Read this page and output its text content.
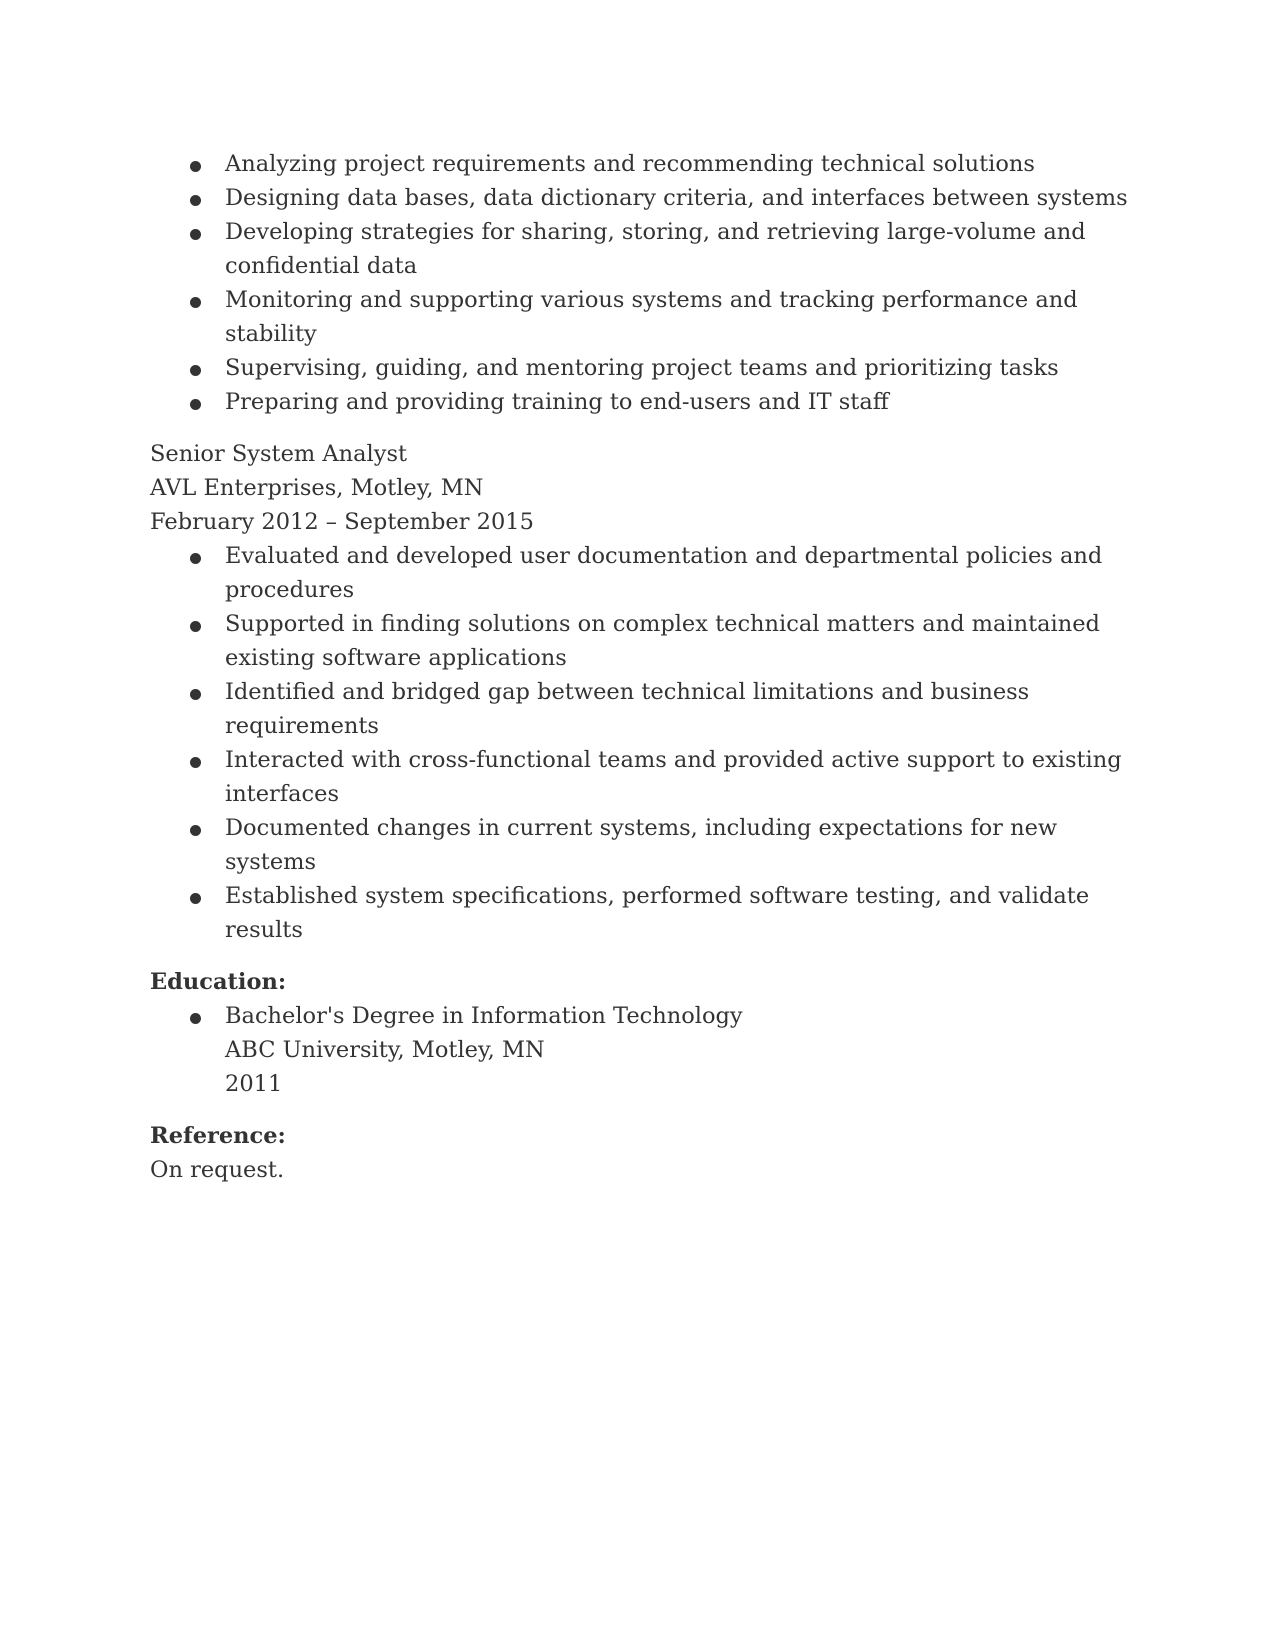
Analyzing project requirements and recommending technical solutions
Designing data bases, data dictionary criteria, and interfaces between systems
Developing strategies for sharing, storing, and retrieving large-volume and confidential data
Monitoring and supporting various systems and tracking performance and stability
Supervising, guiding, and mentoring project teams and prioritizing tasks
Preparing and providing training to end-users and IT staff
Senior System Analyst
AVL Enterprises, Motley, MN
February 2012 – September 2015
Evaluated and developed user documentation and departmental policies and procedures
Supported in finding solutions on complex technical matters and maintained existing software applications
Identified and bridged gap between technical limitations and business requirements
Interacted with cross-functional teams and provided active support to existing interfaces
Documented changes in current systems, including expectations for new systems
Established system specifications, performed software testing, and validate results
Education:
Bachelor's Degree in Information Technology
ABC University, Motley, MN
2011
Reference:
On request.
